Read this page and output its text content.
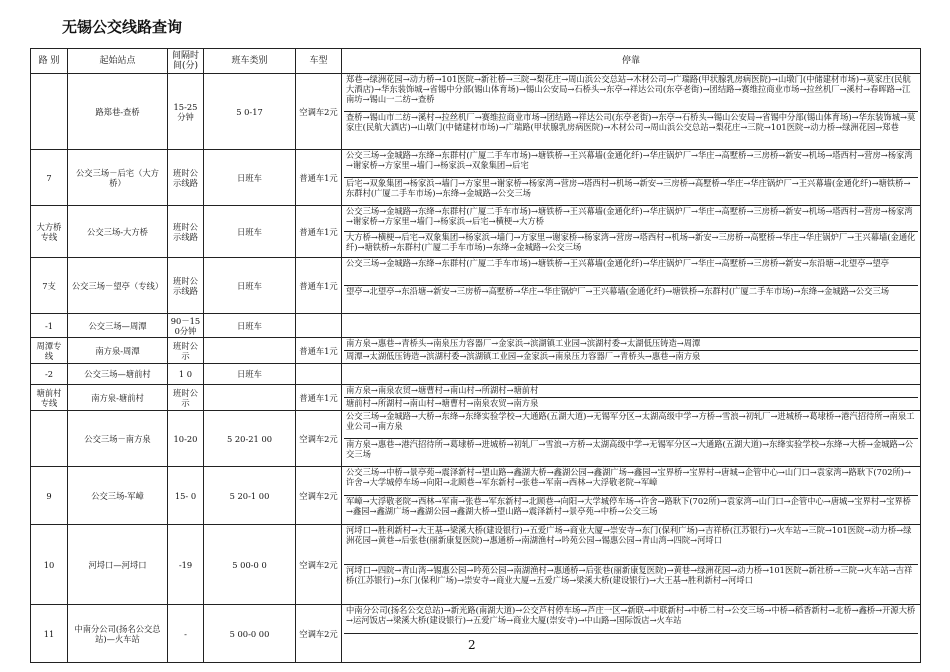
无锡公交线路查询
路 别	起始站点	间隔时间(分)	班车类别	车型	停靠
	路郑巷-查桥	15-25分钟	5 0-17	空调车2元	郑巷→绿洲花园→动力桥→101医院→新社桥→三院→梨花庄→周山浜公交总站→木材公司→广瑞路(甲状腺乳房病医院)→山墩门(中储建材市场)→莫家庄(民航大酒店)→华东装饰城→省锡中分部(锡山体育场)→锡山公安局→石桥头→东亭→祥达公司(东亭老街)→团结路→赛维拉商业市场→拉丝机厂→溪村→春晖路→江南坊→锡山一二纺→查桥
查桥→锡山市二纺→溪村→拉丝机厂→赛维拉商业市场→团结路→祥达公司(东亭老街)→东亭→石桥头→锡山公安局→省锡中分部(锡山体育场)→华东装饰城→莫家庄(民航大酒店)→山墩门(中储建材市场)→广瑞路(甲状腺乳房病医院)→木材公司→周山浜公交总站→梨花庄→三院→101医院→动力桥→绿洲花园→郑巷

7	公交三场－后宅（大方桥）	班时公示线路	日班车	普通车1元	公交三场→金城路→东绛→东群村(广厦二手车市场)→塘铁桥→王兴幕墙(金通化纤)→华庄锅炉厂→华庄→高墅桥→三房桥→新安→机场→塔西村→营房→杨家湾→谢家桥→方家里→墙门→杨家浜→双象集团→后宅
后宅→双象集团→杨家浜→墙门→方家里→谢家桥→杨家湾→营房→塔西村→机场→新安→三房桥→高墅桥→华庄→华庄锅炉厂→王兴幕墙(金通化纤)→塘铁桥→东群村(广厦二手车市场)→东绛→金城路→公交三场

大方桥专线	公交三场-大方桥	班时公示线路	日班车	普通车1元	公交三场→金城路→东绛→东群村(广厦二手车市场)→塘铁桥→王兴幕墙(金通化纤)→华庄锅炉厂→华庄→高墅桥→三房桥→新安→机场→塔西村→营房→杨家湾→谢家桥→方家里→墙门→杨家浜→后宅→横梗→大方桥
大方桥→横梗→后宅→双象集团→杨家浜→墙门→方家里→谢家桥→杨家湾→营房→塔西村→机场→新安→三房桥→高墅桥→华庄→华庄锅炉厂→王兴幕墙(金通化纤)→塘铁桥→东群村(广厦二手车市场)→东绛→金城路→公交三场

7支	公交三场－望亭（专线）	班时公示线路	日班车	普通车1元	公交三场→金城路→东绛→东群村(广厦二手车市场)→塘铁桥→王兴幕墙(金通化纤)→华庄锅炉厂→华庄→高墅桥→三房桥→新安→东沿塘→北望亭→望亭
望亭→北望亭→东沿塘→新安→三房桥→高墅桥→华庄→华庄锅炉厂→王兴幕墙(金通化纤)→塘铁桥→东群村(广厦二手车市场)→东绛→金城路→公交三场

-1	公交三场—周潭	90－150分钟	日班车		

周潭专线	南方泉-周潭	班时公示		普通车1元	南方泉→惠巷→青桥头→南泉压力容器厂→金家浜→滨湖镇工业园→滨湖村委→太湖低压铸造→周潭
周潭→太湖低压铸造→滨湖村委→滨湖镇工业园→金家浜→南泉压力容器厂→青桥头→惠巷→南方泉

-2	公交三场—塘前村	1 0	日班车		

塘前村专线	南方泉-塘前村	班时公示		普通车1元	南方泉→南泉农贸→塘曹村→南山村→所湖村→塘前村
塘前村→所湖村→南山村→塘曹村→南泉农贸→南方泉

	公交三场－南方泉	10-20	5 20-21 00	空调车2元	公交三场→金城路→大桥→东绛→东绛实验学校→大通路(五湖大道)→无锡军分区→太湖高级中学→方桥→雪浪→初轧厂→进城桥→葛埭桥→港汽招待所→南泉工业公司→南方泉
南方泉→惠巷→港汽招待所→葛埭桥→进城桥→初轧厂→雪浪→方桥→太湖高级中学→无锡军分区→大通路(五湖大道)→东绛实验学校→东绛→大桥→金城路→公交三场

9	公交三场-军嶂	15- 0	5 20-1 00	空调车2元	公交三场→中桥→景亭苑→震泽新村→望山路→鑫湖大桥→鑫湖公园→鑫湖广场→鑫园→宝界桥→宝界村→唐城→企管中心→山门口→袁家湾→路耿下(702所)→许舍→大学城停车场→向阳→北顾巷→军东新村→张巷→军南→西林→大浮敬老院→军嶂
军嶂→大浮敬老院→西林→军南→张巷→军东新村→北顾巷→向阳→大学城停车场→许舍→路耿下(702所)→袁家湾→山门口→企管中心→唐城→宝界村→宝界桥→鑫园→鑫湖广场→鑫湖公园→鑫湖大桥→望山路→震泽新村→景亭苑→中桥→公交三场

10	河埒口—河埒口	-19	5 00-0 0	空调车2元	河埒口→胜利新村→大王基→梁溪大桥(建设银行)→五爱广场→商业大厦→崇安寺→东门(保利广场)→吉祥桥(江苏银行)→火车站→三院→101医院→动力桥→绿洲花园→黄巷→后张巷(丽新康复医院)→惠通桥→南湖渔村→吟苑公园→锡惠公园→青山湾→四院→河埒口
河埒口→四院→青山湾→锡惠公园→吟苑公园→南湖渔村→惠通桥→后张巷(丽新康复医院)→黄巷→绿洲花园→动力桥→101医院→新社桥→三院→火车站→吉祥桥(江苏银行)→东门(保利广场)→崇安寺→商业大厦→五爱广场→梁溪大桥(建设银行)→大王基→胜利新村→河埒口

11	中南分公司(扬名公交总站)—火车站	-	5 00-0 00	空调车2元	中南分公司(扬名公交总站)→新光路(南湖大道)→公交芦村停车场→芦庄一区→新联→中联新村→中桥二村→公交三场→中桥→稻香新村→北桥→鑫桥→开源大桥→运河饭店→梁溪大桥(建设银行)→五爱广场→商业大厦(崇安寺)→中山路→国际饭店→火车站
2
